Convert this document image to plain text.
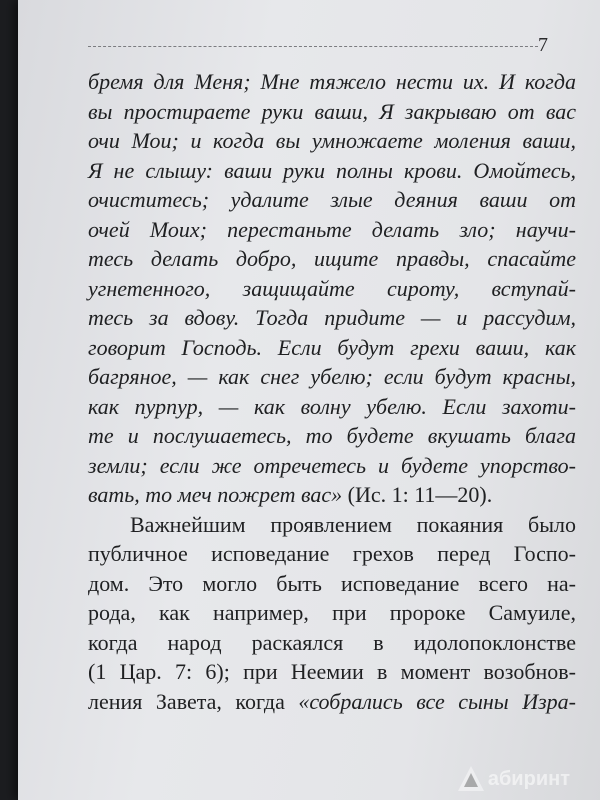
7
бремя для Меня; Мне тяжело нести их. И когда
вы простираете руки ваши, Я закрываю от вас
очи Мои; и когда вы умножаете моления ваши,
Я не слышу: ваши руки полны крови. Омойтесь,
очиститесь; удалите злые деяния ваши от
очей Моих; перестаньте делать зло; научи-
тесь делать добро, ищите правды, спасайте
угнетенного, защищайте сироту, вступай-
тесь за вдову. Тогда придите — и рассудим,
говорит Господь. Если будут грехи ваши, как
багряное, — как снег убелю; если будут красны,
как пурпур, — как волну убелю. Если захоти-
те и послушаетесь, то будете вкушать блага
земли; если же отречетесь и будете упорство-
вать, то меч пожрет вас» (Ис. 1: 11—20).
Важнейшим проявлением покаяния было
публичное исповедание грехов перед Госпо-
дом. Это могло быть исповедание всего на-
рода, как например, при пророке Самуиле,
когда народ раскаялся в идолопоклонстве
(1 Цар. 7: 6); при Неемии в момент возобнов-
ления Завета, когда «собрались все сыны Изра-
абиринт
